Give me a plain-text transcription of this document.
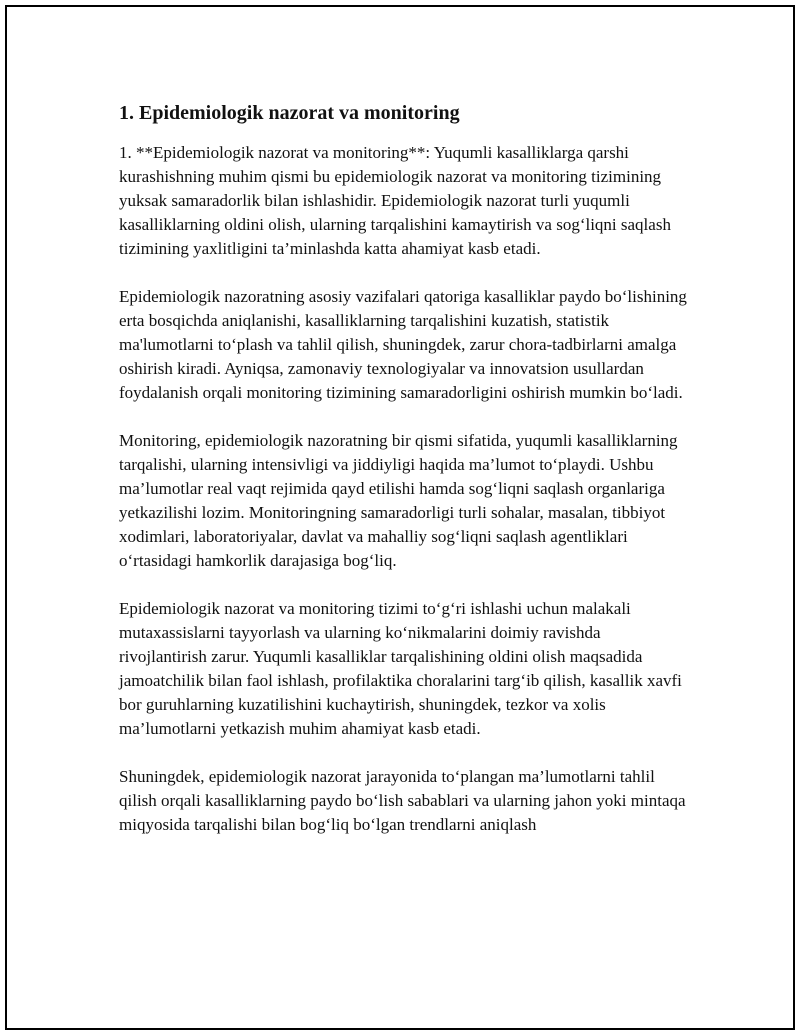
1. Epidemiologik nazorat va monitoring

1. **Epidemiologik nazorat va monitoring**: Yuqumli kasalliklarga qarshi kurashishning muhim qismi bu epidemiologik nazorat va monitoring tizimining yuksak samaradorlik bilan ishlashidir. Epidemiologik nazorat turli yuqumli kasalliklarning oldini olish, ularning tarqalishini kamaytirish va sog‘liqni saqlash tizimining yaxlitligini ta’minlashda katta ahamiyat kasb etadi.

Epidemiologik nazoratning asosiy vazifalari qatoriga kasalliklar paydo bo‘lishining erta bosqichda aniqlanishi, kasalliklarning tarqalishini kuzatish, statistik ma'lumotlarni to‘plash va tahlil qilish, shuningdek, zarur chora-tadbirlarni amalga oshirish kiradi. Ayniqsa, zamonaviy texnologiyalar va innovatsion usullardan foydalanish orqali monitoring tizimining samaradorligini oshirish mumkin bo‘ladi.

Monitoring, epidemiologik nazoratning bir qismi sifatida, yuqumli kasalliklarning tarqalishi, ularning intensivligi va jiddiyligi haqida ma’lumot to‘playdi. Ushbu ma’lumotlar real vaqt rejimida qayd etilishi hamda sog‘liqni saqlash organlariga yetkazilishi lozim. Monitoringning samaradorligi turli sohalar, masalan, tibbiyot xodimlari, laboratoriyalar, davlat va mahalliy sog‘liqni saqlash agentliklari o‘rtasidagi hamkorlik darajasiga bog‘liq.

Epidemiologik nazorat va monitoring tizimi to‘g‘ri ishlashi uchun malakali mutaxassislarni tayyorlash va ularning ko‘nikmalarini doimiy ravishda rivojlantirish zarur. Yuqumli kasalliklar tarqalishining oldini olish maqsadida jamoatchilik bilan faol ishlash, profilaktika choralarini targ‘ib qilish, kasallik xavfi bor guruhlarning kuzatilishini kuchaytirish, shuningdek, tezkor va xolis ma’lumotlarni yetkazish muhim ahamiyat kasb etadi.

Shuningdek, epidemiologik nazorat jarayonida to‘plangan ma’lumotlarni tahlil qilish orqali kasalliklarning paydo bo‘lish sabablari va ularning jahon yoki mintaqa miqyosida tarqalishi bilan bog‘liq bo‘lgan trendlarni aniqlash
